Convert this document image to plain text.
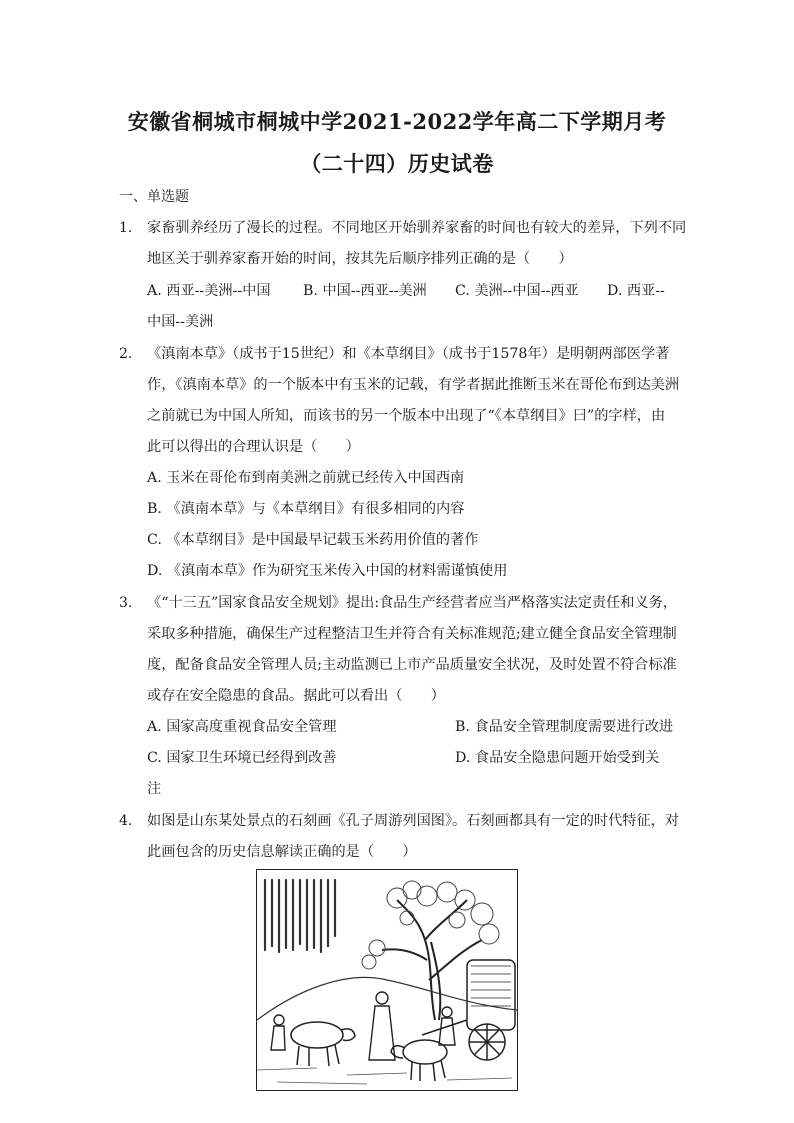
安徽省桐城市桐城中学2021-2022学年高二下学期月考
（二十四）历史试卷
一、单选题
1. 家畜驯养经历了漫长的过程。不同地区开始驯养家畜的时间也有较大的差异，下列不同
地区关于驯养家畜开始的时间，按其先后顺序排列正确的是（　　）
A. 西亚--美洲--中国 B. 中国--西亚--美洲 C. 美洲--中国--西亚 D. 西亚--
中国--美洲
2. 《滇南本草》（成书于15世纪）和《本草纲目》（成书于1578年）是明朝两部医学著
作，《滇南本草》的一个版本中有玉米的记载，有学者据此推断玉米在哥伦布到达美洲
之前就已为中国人所知，而该书的另一个版本中出现了“《本草纲目》曰”的字样，由
此可以得出的合理认识是（　　）
A. 玉米在哥伦布到南美洲之前就已经传入中国西南
B. 《滇南本草》与《本草纲目》有很多相同的内容
C. 《本草纲目》是中国最早记载玉米药用价值的著作
D. 《滇南本草》作为研究玉米传入中国的材料需谨慎使用
3. 《“十三五”国家食品安全规划》提出:食品生产经营者应当严格落实法定责任和义务，
采取多种措施，确保生产过程整洁卫生并符合有关标准规范;建立健全食品安全管理制
度，配备食品安全管理人员;主动监测已上市产品质量安全状况，及时处置不符合标准
或存在安全隐患的食品。据此可以看出（　　）
A. 国家高度重视食品安全管理	B. 食品安全管理制度需要进行改进
C. 国家卫生环境已经得到改善	D. 食品安全隐患问题开始受到关
注
4. 如图是山东某处景点的石刻画《孔子周游列国图》。石刻画都具有一定的时代特征，对
此画包含的历史信息解读正确的是（　　）
